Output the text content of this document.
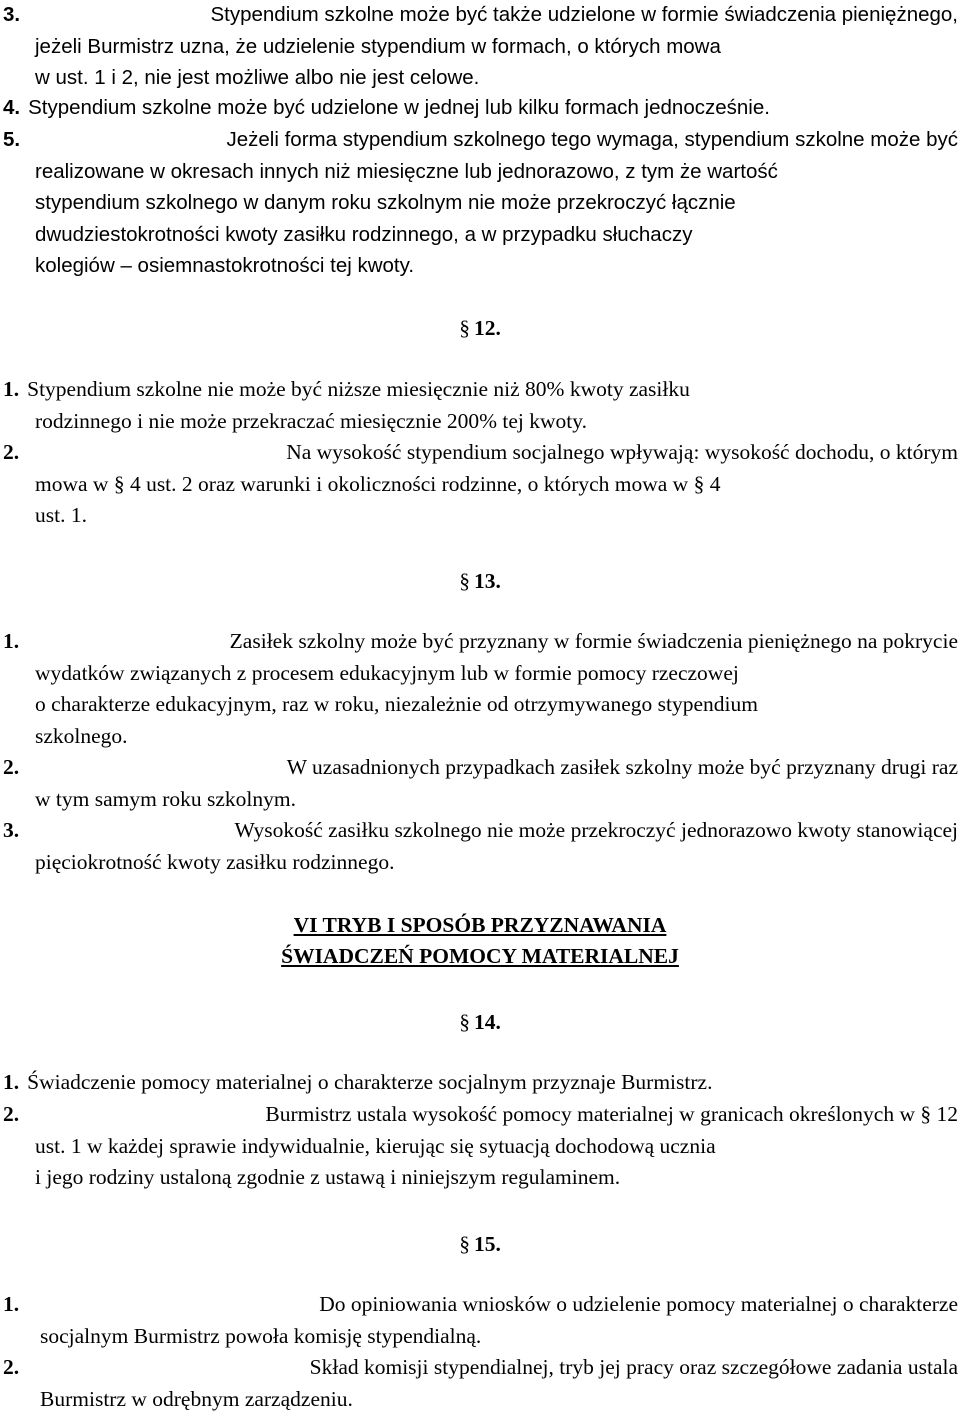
3.	Stypendium szkolne może być także udzielone w formie świadczenia pieniężnego,
jeżeli Burmistrz uzna, że udzielenie stypendium w formach, o których mowa
w ust. 1 i 2, nie jest możliwe albo nie jest celowe.
4. Stypendium szkolne może być udzielone w jednej lub kilku formach jednocześnie.
5.	Jeżeli forma stypendium szkolnego tego wymaga, stypendium szkolne może być
realizowane w okresach innych niż miesięczne lub jednorazowo, z tym że wartość
stypendium szkolnego w danym roku szkolnym nie może przekroczyć łącznie
dwudziestokrotności kwoty zasiłku rodzinnego, a w przypadku słuchaczy
kolegiów – osiemnastokrotności tej kwoty.
§ 12.
1. Stypendium szkolne nie może być niższe miesięcznie niż 80% kwoty zasiłku
rodzinnego i nie może przekraczać miesięcznie 200% tej kwoty.
2.	Na wysokość stypendium socjalnego wpływają: wysokość dochodu, o którym
mowa w § 4 ust. 2 oraz warunki i okoliczności rodzinne, o których mowa w § 4
ust. 1.
§ 13.
1.	Zasiłek szkolny może być przyznany w formie świadczenia pieniężnego na pokrycie
wydatków związanych z procesem edukacyjnym lub w formie pomocy rzeczowej
o charakterze edukacyjnym, raz w roku, niezależnie od otrzymywanego stypendium
szkolnego.
2.	W uzasadnionych przypadkach zasiłek szkolny może być przyznany drugi raz
w tym samym roku szkolnym.
3.	Wysokość zasiłku szkolnego nie może przekroczyć jednorazowo kwoty stanowiącej
pięciokrotność kwoty zasiłku rodzinnego.
VI TRYB I SPOSÓB PRZYZNAWANIA
ŚWIADCZEŃ POMOCY MATERIALNEJ
§ 14.
1. Świadczenie pomocy materialnej o charakterze socjalnym przyznaje Burmistrz.
2.	Burmistrz ustala wysokość pomocy materialnej w granicach określonych w § 12
ust. 1 w każdej sprawie indywidualnie, kierując się sytuacją dochodową ucznia
i jego rodziny ustaloną zgodnie z ustawą i niniejszym regulaminem.
§ 15.
1.	Do opiniowania wniosków o udzielenie pomocy materialnej o charakterze
socjalnym Burmistrz powoła komisję stypendialną.
2.	Skład komisji stypendialnej, tryb jej pracy oraz szczegółowe zadania ustala
Burmistrz w odrębnym zarządzeniu.
